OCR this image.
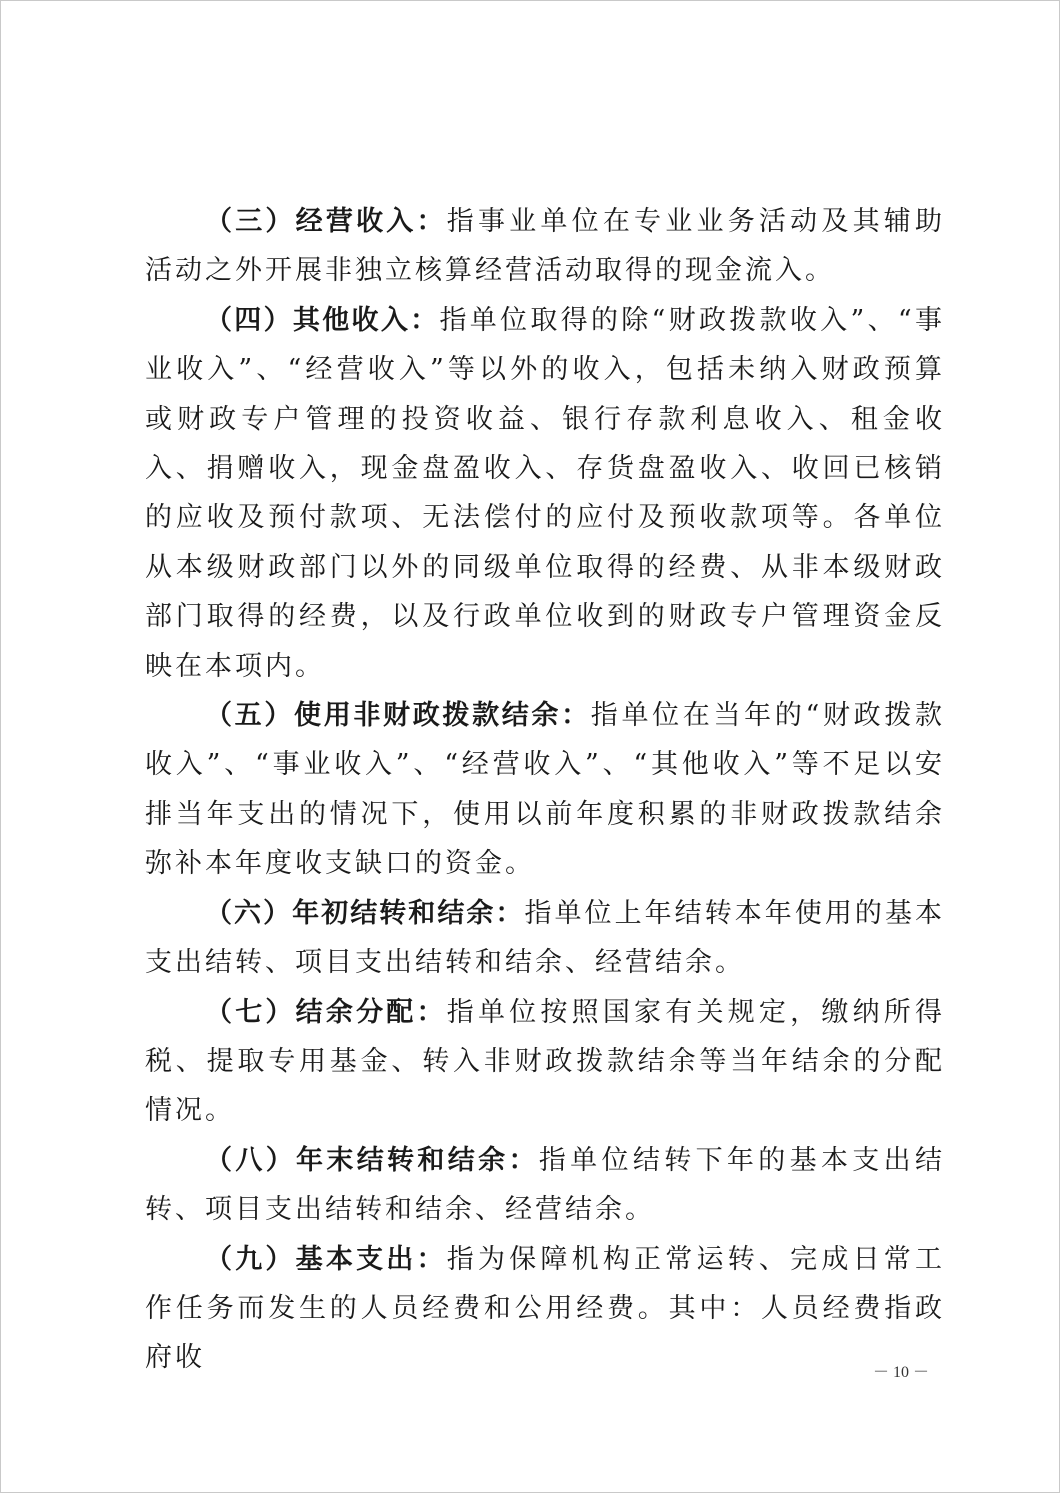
（三）经营收入：指事业单位在专业业务活动及其辅助活动之外开展非独立核算经营活动取得的现金流入。

（四）其他收入：指单位取得的除“财政拨款收入”、“事业收入”、“经营收入”等以外的收入，包括未纳入财政预算或财政专户管理的投资收益、银行存款利息收入、租金收入、捐赠收入，现金盘盈收入、存货盘盈收入、收回已核销的应收及预付款项、无法偿付的应付及预收款项等。各单位从本级财政部门以外的同级单位取得的经费、从非本级财政部门取得的经费，以及行政单位收到的财政专户管理资金反映在本项内。

（五）使用非财政拨款结余：指单位在当年的“财政拨款收入”、“事业收入”、“经营收入”、“其他收入”等不足以安排当年支出的情况下，使用以前年度积累的非财政拨款结余弥补本年度收支缺口的资金。

（六）年初结转和结余：指单位上年结转本年使用的基本支出结转、项目支出结转和结余、经营结余。

（七）结余分配：指单位按照国家有关规定，缴纳所得税、提取专用基金、转入非财政拨款结余等当年结余的分配情况。

（八）年末结转和结余：指单位结转下年的基本支出结转、项目支出结转和结余、经营结余。

（九）基本支出：指为保障机构正常运转、完成日常工作任务而发生的人员经费和公用经费。其中：人员经费指政府收	－ 10 －
